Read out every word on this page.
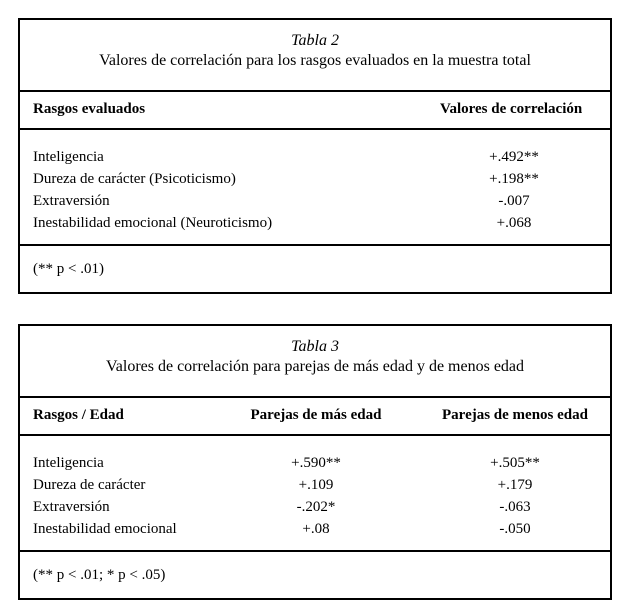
Tabla 2
Valores de correlación para los rasgos evaluados en la muestra total
Rasgos evaluados	Valores de correlación
Inteligencia	+.492**
Dureza de carácter (Psicoticismo)	+.198**
Extraversión	-.007
Inestabilidad emocional (Neuroticismo)	+.068
(** p < .01)
Tabla 3
Valores de correlación para parejas de más edad y de menos edad
Rasgos / Edad	Parejas de más edad	Parejas de menos edad
Inteligencia	+.590**	+.505**
Dureza de carácter	+.109	+.179
Extraversión	-.202*	-.063
Inestabilidad emocional	+.08	-.050
(** p < .01; * p < .05)
